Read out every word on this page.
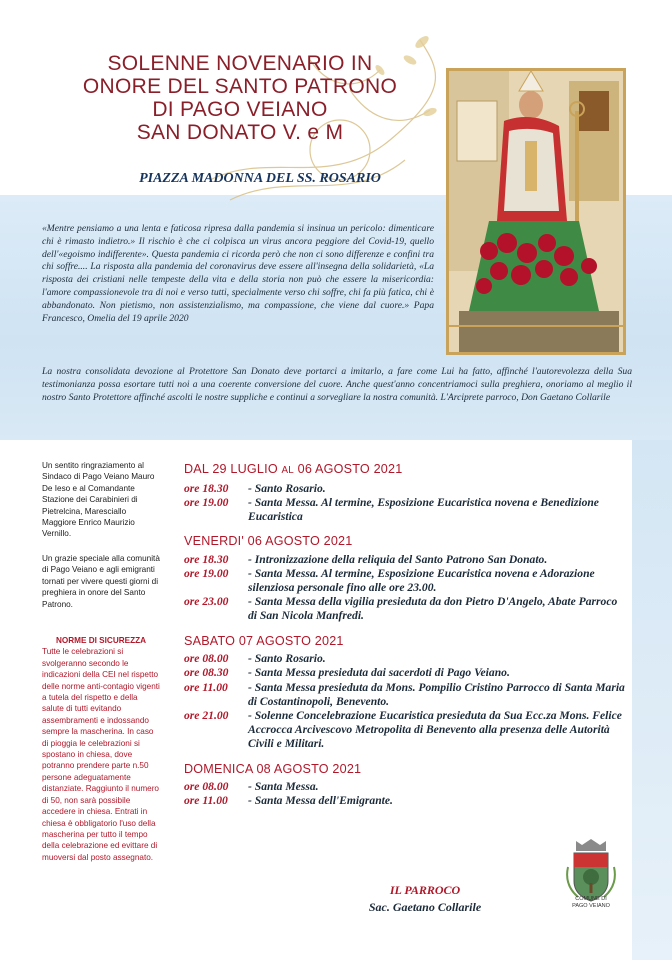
SOLENNE NOVENARIO IN
ONORE DEL SANTO PATRONO
DI PAGO VEIANO
SAN DONATO V. e M
PIAZZA MADONNA DEL SS. ROSARIO
«Mentre pensiamo a una lenta e faticosa ripresa dalla pandemia si insinua un pericolo: dimenticare chi è rimasto indietro.» Il rischio è che ci colpisca un virus ancora peggiore del Covid-19, quello dell'«egoismo indifferente». Questa pandemia ci ricorda però che non ci sono differenze e confini tra chi soffre.... La risposta alla pandemia del coronavirus deve essere all'insegna della solidarietà, «La risposta dei cristiani nelle tempeste della vita e della storia non può che essere la misericordia: l'amore compassionevole tra di noi e verso tutti, specialmente verso chi soffre, chi fa più fatica, chi è abbandonato. Non pietismo, non assistenzialismo, ma compassione, che viene dal cuore.» Papa Francesco, Omelia del 19 aprile 2020
La nostra consolidata devozione al Protettore San Donato deve portarci a imitarlo, a fare come Lui ha fatto, affinché l'autorevolezza della Sua testimonianza possa esortare tutti noi a una coerente conversione del cuore. Anche quest'anno concentriamoci sulla preghiera, onoriamo al meglio il nostro Santo Protettore affinché ascolti le nostre suppliche e continui a sorvegliare la nostra comunità. L'Arciprete parroco, Don Gaetano Collarile
Un sentito ringraziamento al Sindaco di Pago Veiano Mauro De Ieso e al Comandante Stazione dei Carabinieri di Pietrelcina, Maresciallo Maggiore Enrico Maurizio Vernillo.
Un grazie speciale alla comunità di Pago Veiano e agli emigranti tornati per vivere questi giorni di preghiera in onore del Santo Patrono.
NORME DI SICUREZZA
Tutte le celebrazioni si svolgeranno secondo le indicazioni della CEI nel rispetto delle norme anti-contagio vigenti a tutela del rispetto e della salute di tutti evitando assembramenti e indossando sempre la mascherina. In caso di pioggia le celebrazioni si spostano in chiesa, dove potranno prendere parte n.50 persone adeguatamente distanziate. Raggiunto il numero di 50, non sarà possibile accedere in chiesa. Entrati in chiesa è obbligatorio l'uso della mascherina per tutto il tempo della celebrazione ed evittare di muoversi dal posto assegnato.
DAL 29 LUGLIO AL 06 AGOSTO 2021
ore 18.30	- Santo Rosario.
ore 19.00	- Santa Messa. Al termine, Esposizione Eucaristica novena e Benedizione Eucaristica
VENERDI' 06 AGOSTO 2021
ore 18.30	- Intronizzazione della reliquia del Santo Patrono San Donato.
ore 19.00	- Santa Messa. Al termine, Esposizione Eucaristica novena e Adorazione silenziosa personale fino alle ore 23.00.
ore 23.00	- Santa Messa della vigilia presieduta da don Pietro D'Angelo, Abate Parroco di San Nicola Manfredi.
SABATO 07 AGOSTO 2021
ore 08.00	- Santo Rosario.
ore 08.30	- Santa Messa presieduta dai sacerdoti di Pago Veiano.
ore 11.00	- Santa Messa presieduta da Mons. Pompilio Cristino Parrocco di Santa Maria di Costantinopoli, Benevento.
ore 21.00	- Solenne Concelebrazione Eucaristica presieduta da Sua Ecc.za Mons. Felice Accrocca Arcivescovo Metropolita di Benevento alla presenza delle Autorità Civili e Militari.
DOMENICA 08 AGOSTO 2021
ore 08.00	- Santa Messa.
ore 11.00	- Santa Messa dell'Emigrante.
IL PARROCO
Sac. Gaetano Collarile
COMUNE DI
PAGO VEIANO
